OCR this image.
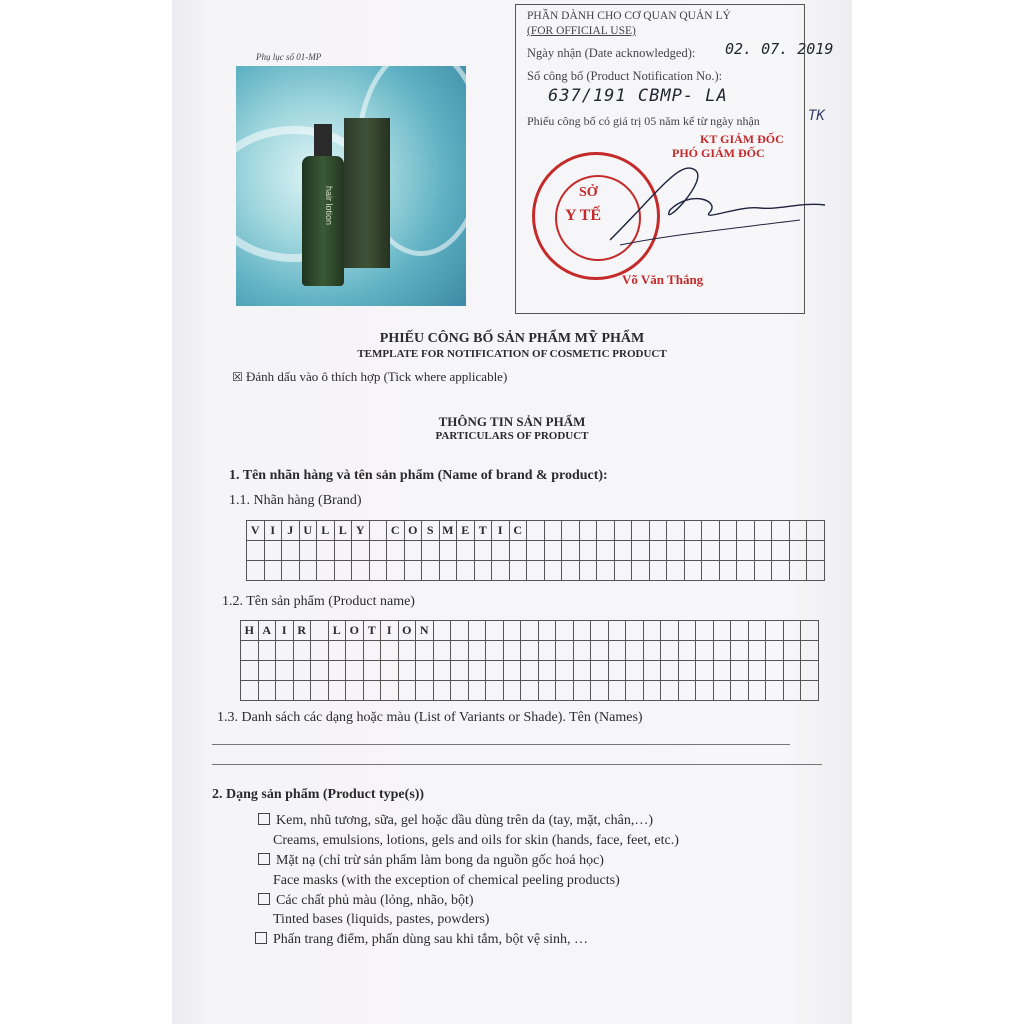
PHẦN DÀNH CHO CƠ QUAN QUẢN LÝ
(FOR OFFICIAL USE)
Ngày nhận (Date acknowledged): 02. 07. 2019
Số công bố (Product Notification No.):
637/191 CBMP- LA
Phiếu công bố có giá trị 05 năm kể từ ngày nhận	TK
KT GIÁM ĐỐC
PHÓ GIÁM ĐỐC
SỞ
Y TẾ
Võ Văn Thắng
Phụ lục số 01-MP
hair lotion
PHIẾU CÔNG BỐ SẢN PHẨM MỸ PHẨM
TEMPLATE FOR NOTIFICATION OF COSMETIC PRODUCT
☒ Đánh dấu vào ô thích hợp (Tick where applicable)
THÔNG TIN SẢN PHẨM
PARTICULARS OF PRODUCT
1. Tên nhãn hàng và tên sản phẩm (Name of brand & product):
1.1. Nhãn hàng (Brand)
V	I	J	U	L	L	Y		C	O	S	M	E	T	I	C																	

1.2. Tên sản phẩm (Product name)
H	A	I	R		L	O	T	I	O	N																						

1.3. Danh sách các dạng hoặc màu (List of Variants or Shade). Tên (Names)
2. Dạng sản phẩm (Product type(s))
Kem, nhũ tương, sữa, gel hoặc dầu dùng trên da (tay, mặt, chân,…)
Creams, emulsions, lotions, gels and oils for skin (hands, face, feet, etc.)
Mặt nạ (chỉ trừ sản phẩm làm bong da nguồn gốc hoá học)
Face masks (with the exception of chemical peeling products)
Các chất phủ màu (lỏng, nhão, bột)
Tinted bases (liquids, pastes, powders)
Phấn trang điểm, phấn dùng sau khi tắm, bột vệ sinh, …
